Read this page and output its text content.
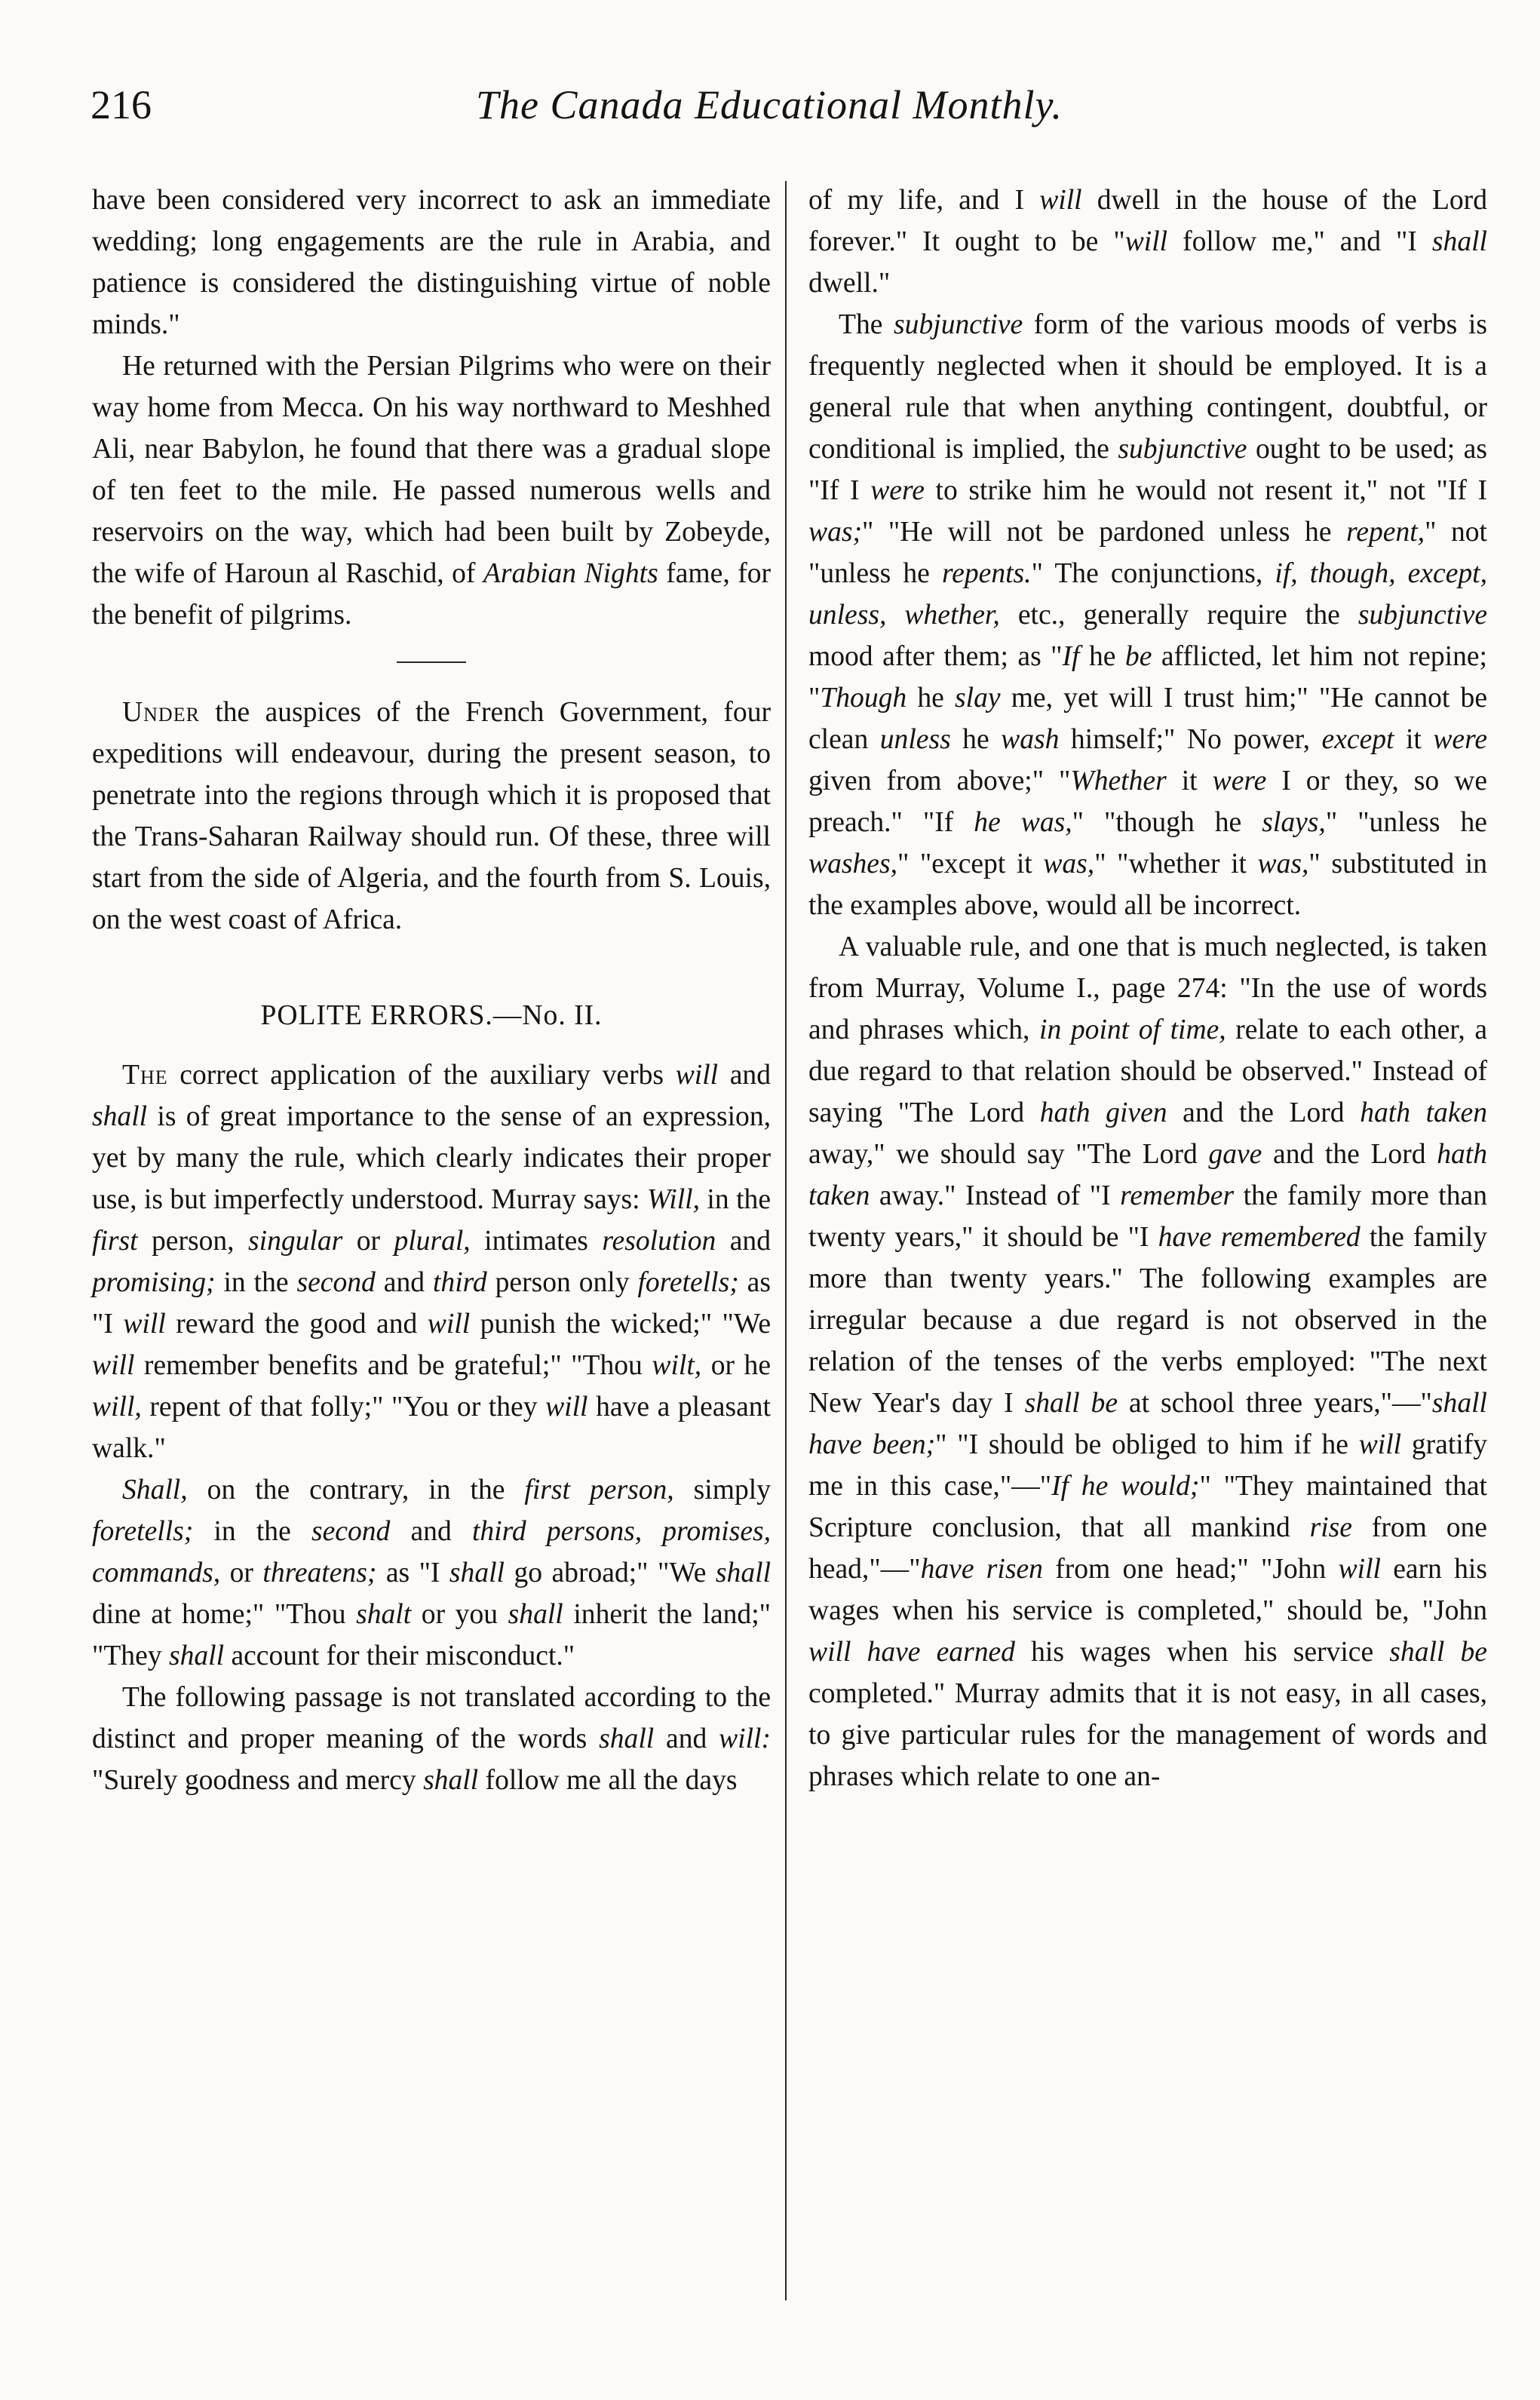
216	The Canada Educational Monthly.

have been considered very incorrect to ask an immediate wedding; long engagements are the rule in Arabia, and patience is considered the distinguishing virtue of noble minds."

He returned with the Persian Pilgrims who were on their way home from Mecca. On his way northward to Meshhed Ali, near Babylon, he found that there was a gradual slope of ten feet to the mile. He passed numerous wells and reservoirs on the way, which had been built by Zobeyde, the wife of Haroun al Raschid, of Arabian Nights fame, for the benefit of pilgrims.

Under the auspices of the French Government, four expeditions will endeavour, during the present season, to penetrate into the regions through which it is proposed that the Trans-Saharan Railway should run. Of these, three will start from the side of Algeria, and the fourth from S. Louis, on the west coast of Africa.

POLITE ERRORS.—No. II.

The correct application of the auxiliary verbs will and shall is of great importance to the sense of an expression, yet by many the rule, which clearly indicates their proper use, is but imperfectly understood. Murray says: Will, in the first person, singular or plural, intimates resolution and promising; in the second and third person only foretells; as "I will reward the good and will punish the wicked;" "We will remember benefits and be grateful;" "Thou wilt, or he will, repent of that folly;" "You or they will have a pleasant walk."

Shall, on the contrary, in the first person, simply foretells; in the second and third persons, promises, commands, or threatens; as "I shall go abroad;" "We shall dine at home;" "Thou shalt or you shall inherit the land;" "They shall account for their misconduct."

The following passage is not translated according to the distinct and proper meaning of the words shall and will: "Surely goodness and mercy shall follow me all the days

of my life, and I will dwell in the house of the Lord forever." It ought to be "will follow me," and "I shall dwell."

The subjunctive form of the various moods of verbs is frequently neglected when it should be employed. It is a general rule that when anything contingent, doubtful, or conditional is implied, the subjunctive ought to be used; as "If I were to strike him he would not resent it," not "If I was;" "He will not be pardoned unless he repent," not "unless he repents." The conjunctions, if, though, except, unless, whether, etc., generally require the subjunctive mood after them; as "If he be afflicted, let him not repine; "Though he slay me, yet will I trust him;" "He cannot be clean unless he wash himself;" No power, except it were given from above;" "Whether it were I or they, so we preach." "If he was," "though he slays," "unless he washes," "except it was," "whether it was," substituted in the examples above, would all be incorrect.

A valuable rule, and one that is much neglected, is taken from Murray, Volume I., page 274: "In the use of words and phrases which, in point of time, relate to each other, a due regard to that relation should be observed." Instead of saying "The Lord hath given and the Lord hath taken away," we should say "The Lord gave and the Lord hath taken away." Instead of "I remember the family more than twenty years," it should be "I have remembered the family more than twenty years." The following examples are irregular because a due regard is not observed in the relation of the tenses of the verbs employed: "The next New Year's day I shall be at school three years,"—"shall have been;" "I should be obliged to him if he will gratify me in this case,"—"If he would;" "They maintained that Scripture conclusion, that all mankind rise from one head,"—"have risen from one head;" "John will earn his wages when his service is completed," should be, "John will have earned his wages when his service shall be completed." Murray admits that it is not easy, in all cases, to give particular rules for the management of words and phrases which relate to one an-
